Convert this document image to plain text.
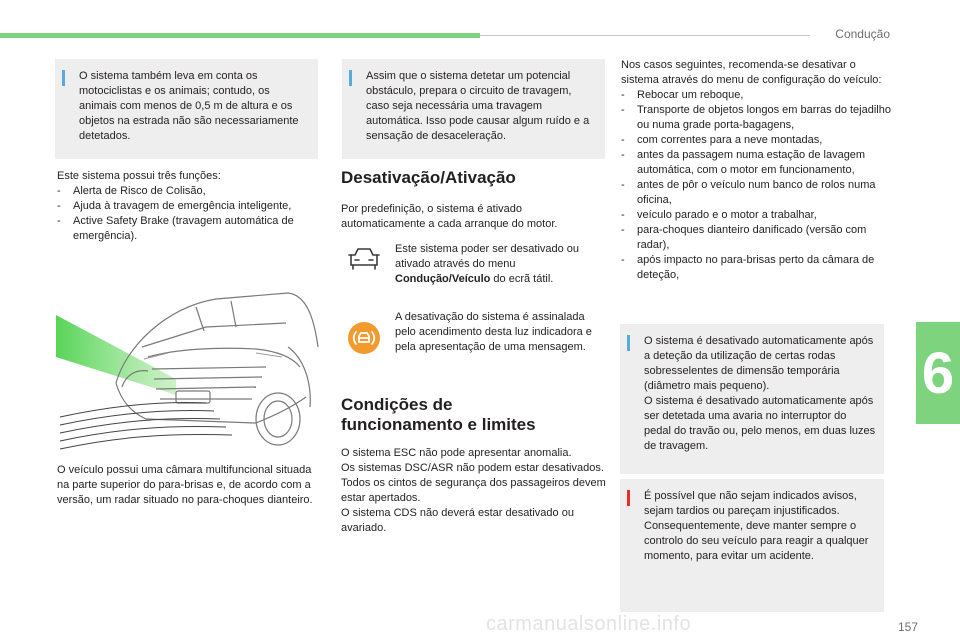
Condução
6
O sistema também leva em conta os motociclistas e os animais; contudo, os animais com menos de 0,5 m de altura e os objetos na estrada não são necessariamente detetados.
Assim que o sistema detetar um potencial obstáculo, prepara o circuito de travagem, caso seja necessária uma travagem automática. Isso pode causar algum ruído e a sensação de desaceleração.
Este sistema possui três funções:
- Alerta de Risco de Colisão,
- Ajuda à travagem de emergência inteligente,
- Active Safety Brake (travagem automática de emergência).
O veículo possui uma câmara multifuncional situada na parte superior do para-brisas e, de acordo com a versão, um radar situado no para-choques dianteiro.
Desativação/Ativação
Por predefinição, o sistema é ativado automaticamente a cada arranque do motor.
Este sistema poder ser desativado ou ativado através do menu Condução/Veículo do ecrã tátil.
A desativação do sistema é assinalada pelo acendimento desta luz indicadora e pela apresentação de uma mensagem.
Condições de
funcionamento e limites
O sistema ESC não pode apresentar anomalia.
Os sistemas DSC/ASR não podem estar desativados.
Todos os cintos de segurança dos passageiros devem estar apertados.
O sistema CDS não deverá estar desativado ou avariado.
Nos casos seguintes, recomenda-se desativar o sistema através do menu de configuração do veículo:
- Rebocar um reboque,
- Transporte de objetos longos em barras do tejadilho ou numa grade porta-bagagens,
- com correntes para a neve montadas,
- antes da passagem numa estação de lavagem automática, com o motor em funcionamento,
- antes de pôr o veículo num banco de rolos numa oficina,
- veículo parado e o motor a trabalhar,
- para-choques dianteiro danificado (versão com radar),
- após impacto no para-brisas perto da câmara de deteção,
O sistema é desativado automaticamente após a deteção da utilização de certas rodas sobresselentes de dimensão temporária (diâmetro mais pequeno).
O sistema é desativado automaticamente após ser detetada uma avaria no interruptor do pedal do travão ou, pelo menos, em duas luzes de travagem.
É possível que não sejam indicados avisos, sejam tardios ou pareçam injustificados.
Consequentemente, deve manter sempre o controlo do seu veículo para reagir a qualquer momento, para evitar um acidente.
carmanualsonline.info	157
